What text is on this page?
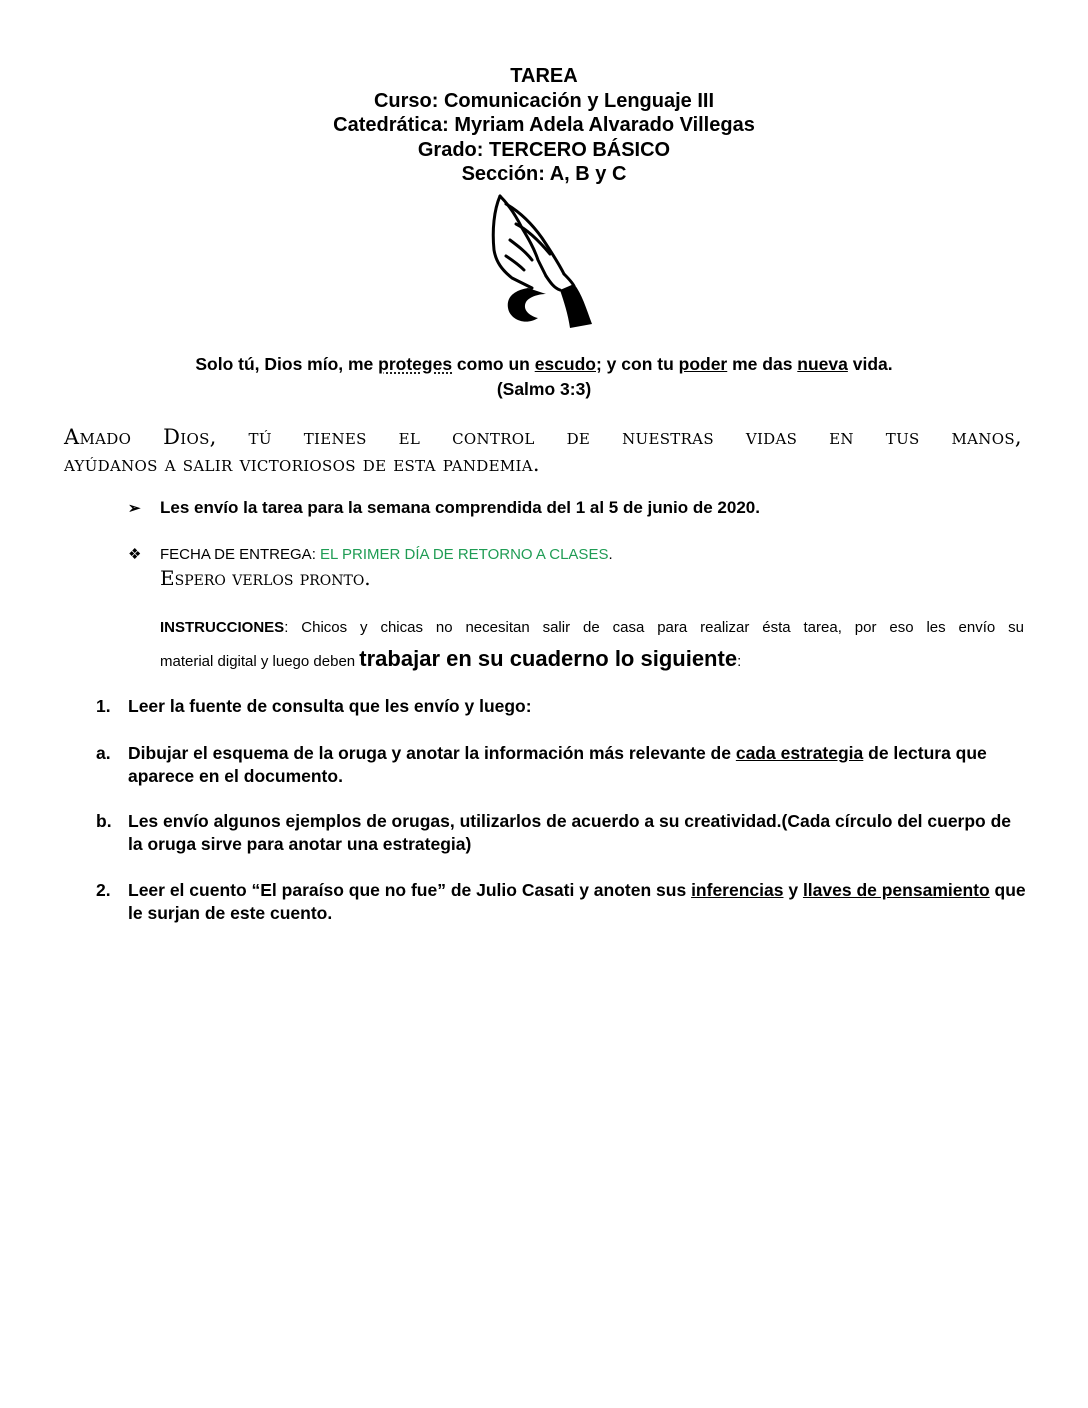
TAREA
Curso: Comunicación y Lenguaje III
Catedrática: Myriam Adela Alvarado Villegas
Grado: TERCERO BÁSICO
Sección: A, B y C
Solo tú, Dios mío, me proteges como un escudo; y con tu poder me das nueva vida.
(Salmo 3:3)
Amado Dios, tú tienes el control de nuestras vidas en tus manos,
ayúdanos a salir victoriosos de esta pandemia.
➢ Les envío la tarea para la semana comprendida del 1 al 5 de junio de 2020.
❖ FECHA DE ENTREGA: EL PRIMER DÍA DE RETORNO A CLASES.
Espero verlos pronto.
INSTRUCCIONES: Chicos y chicas no necesitan salir de casa para realizar ésta tarea, por eso les envío su
material digital y luego deben trabajar en su cuaderno lo siguiente:
1. Leer la fuente de consulta que les envío y luego:
a. Dibujar el esquema de la oruga y anotar la información más relevante de cada estrategia de lectura que aparece en el documento.
b. Les envío algunos ejemplos de orugas, utilizarlos de acuerdo a su creatividad.(Cada círculo del cuerpo de la oruga sirve para anotar una estrategia)
2. Leer el cuento “El paraíso que no fue” de Julio Casati y anoten sus inferencias y llaves de pensamiento que le surjan de este cuento.
